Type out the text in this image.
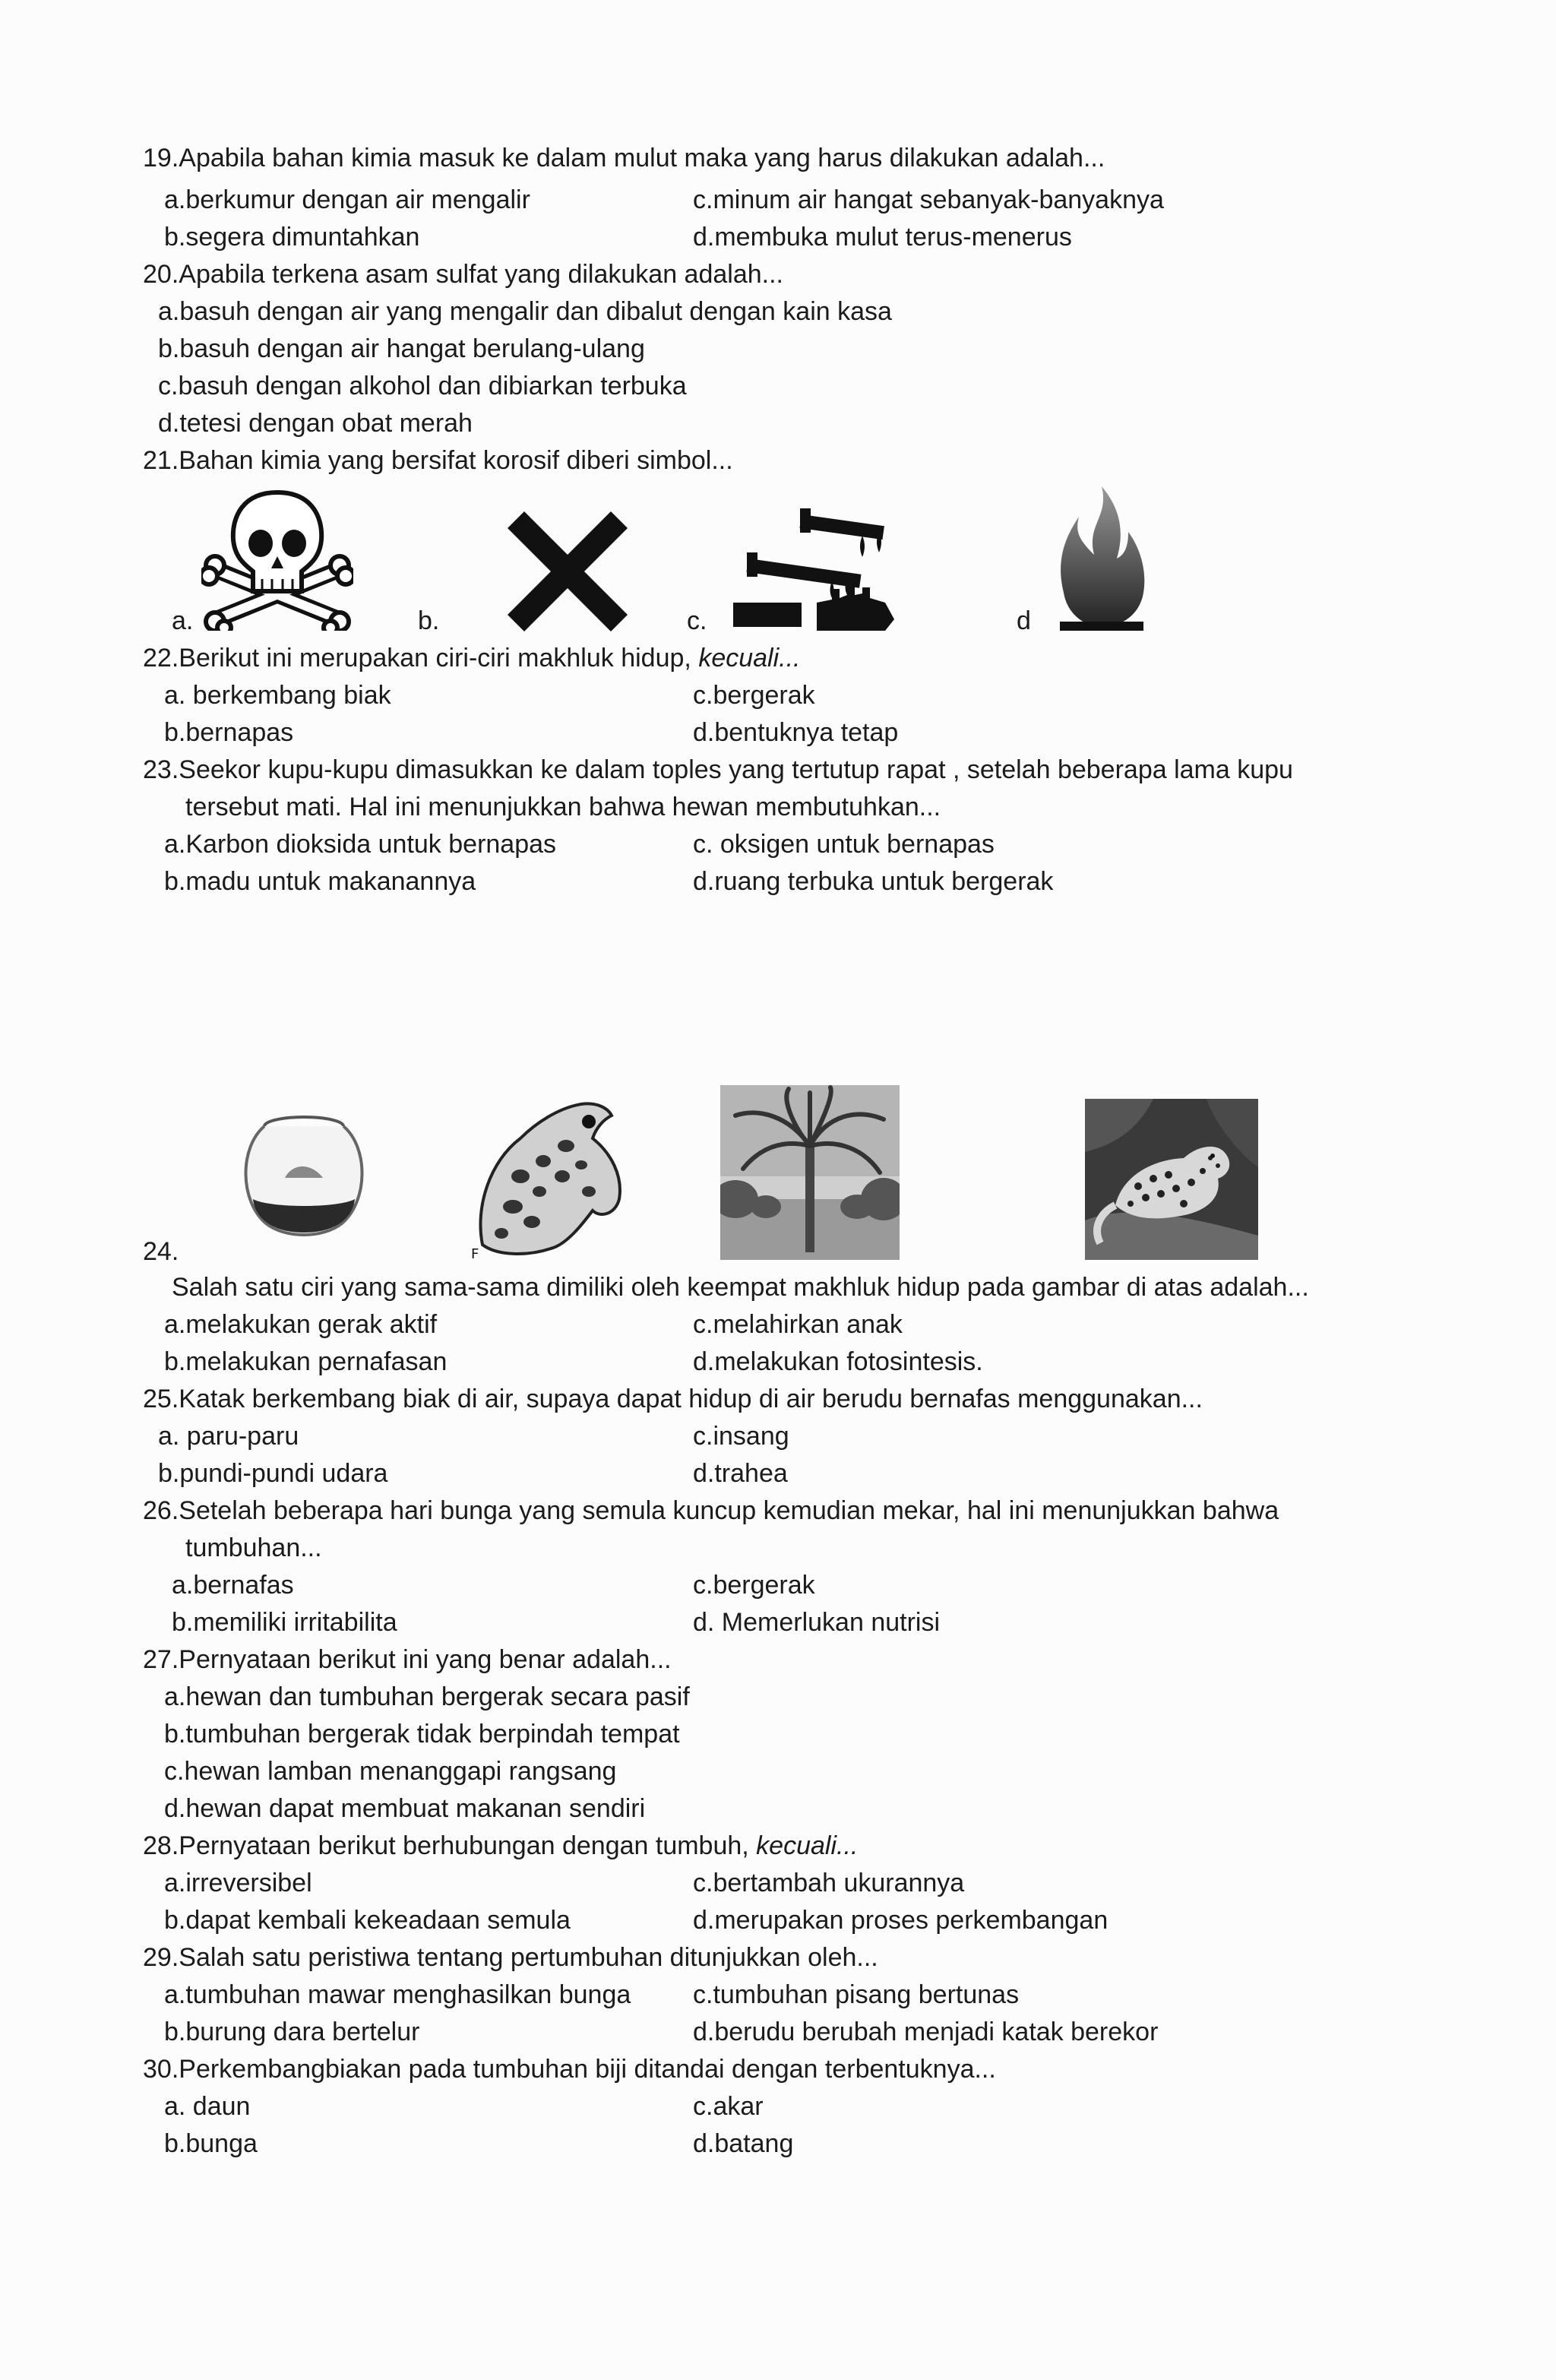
19.Apabila bahan kimia masuk ke dalam mulut maka yang harus dilakukan adalah...
a.berkumur dengan air mengalir	c.minum air hangat sebanyak-banyaknya
b.segera dimuntahkan	d.membuka mulut terus-menerus
20.Apabila terkena asam sulfat yang dilakukan adalah...
a.basuh dengan air yang mengalir dan dibalut dengan kain kasa
b.basuh dengan air hangat berulang-ulang
c.basuh dengan alkohol dan dibiarkan terbuka
d.tetesi dengan obat merah
21.Bahan kimia yang bersifat korosif diberi simbol...
a.	b.	c.	d
22.Berikut ini merupakan ciri-ciri makhluk hidup, kecuali...
a. berkembang biak	c.bergerak
b.bernapas	d.bentuknya tetap
23.Seekor kupu-kupu dimasukkan ke dalam toples yang tertutup rapat , setelah beberapa lama kupu
tersebut mati. Hal ini menunjukkan bahwa hewan membutuhkan...
a.Karbon dioksida untuk bernapas	c. oksigen untuk bernapas
b.madu untuk makanannya	d.ruang terbuka untuk bergerak
F
24.
Salah satu ciri yang sama-sama dimiliki oleh keempat makhluk hidup pada gambar di atas adalah...
a.melakukan gerak aktif	c.melahirkan anak
b.melakukan pernafasan	d.melakukan fotosintesis.
25.Katak berkembang biak di air, supaya dapat hidup di air berudu bernafas menggunakan...
a. paru-paru	c.insang
b.pundi-pundi udara	d.trahea
26.Setelah beberapa hari bunga yang semula kuncup kemudian mekar, hal ini menunjukkan bahwa
tumbuhan...
a.bernafas	c.bergerak
b.memiliki irritabilita	d. Memerlukan nutrisi
27.Pernyataan berikut ini yang benar adalah...
a.hewan dan tumbuhan bergerak secara pasif
b.tumbuhan bergerak tidak berpindah tempat
c.hewan lamban menanggapi rangsang
d.hewan dapat membuat makanan sendiri
28.Pernyataan berikut berhubungan dengan tumbuh, kecuali...
a.irreversibel	c.bertambah ukurannya
b.dapat kembali kekeadaan semula	d.merupakan proses perkembangan
29.Salah satu peristiwa tentang pertumbuhan ditunjukkan oleh...
a.tumbuhan mawar menghasilkan bunga c.tumbuhan pisang bertunas
b.burung dara bertelur	d.berudu berubah menjadi katak berekor
30.Perkembangbiakan pada tumbuhan biji ditandai dengan terbentuknya...
a. daun	c.akar
b.bunga	d.batang
